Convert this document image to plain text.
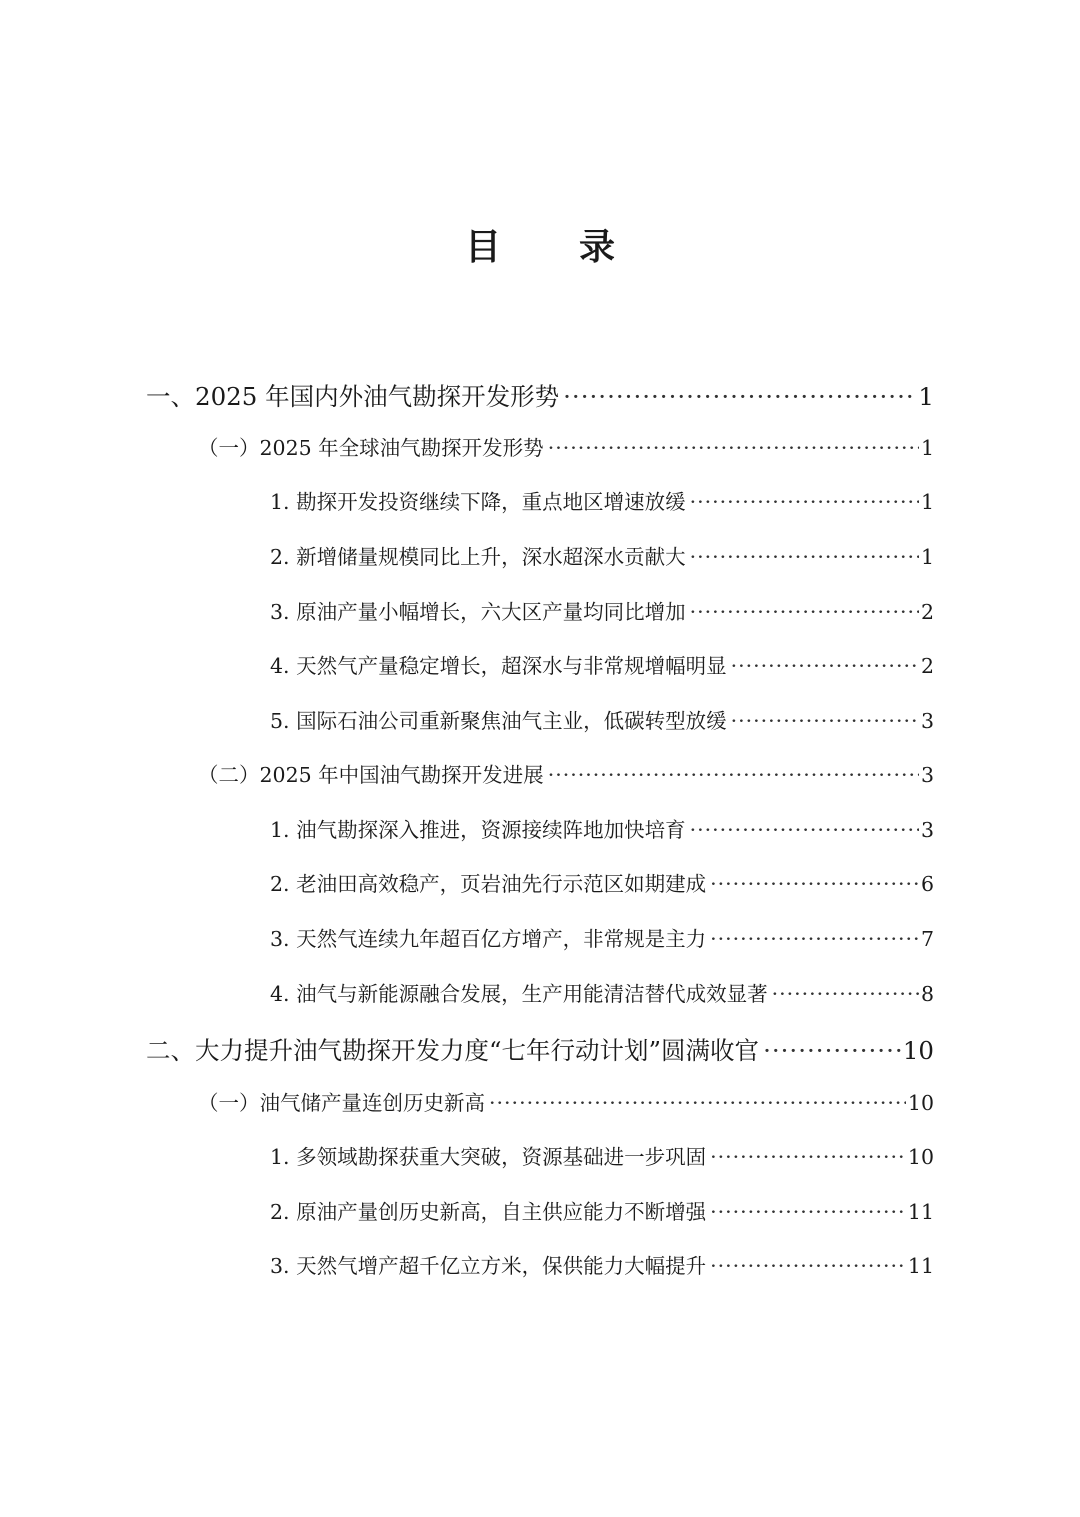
目 录
一、2025 年国内外油气勘探开发形势 ·····	1
（一）2025 年全球油气勘探开发形势 ·····	1
1. 勘探开发投资继续下降，重点地区增速放缓 ·····	1
2. 新增储量规模同比上升，深水超深水贡献大 ·····	1
3. 原油产量小幅增长，六大区产量均同比增加 ·····	2
4. 天然气产量稳定增长，超深水与非常规增幅明显 ·····	2
5. 国际石油公司重新聚焦油气主业，低碳转型放缓 ·····	3
（二）2025 年中国油气勘探开发进展 ·····	3
1. 油气勘探深入推进，资源接续阵地加快培育 ·····	3
2. 老油田高效稳产，页岩油先行示范区如期建成 ·····	6
3. 天然气连续九年超百亿方增产，非常规是主力 ·····	7
4. 油气与新能源融合发展，生产用能清洁替代成效显著 ·····	8
二、大力提升油气勘探开发力度“七年行动计划”圆满收官 ·····	10
（一）油气储产量连创历史新高 ·····	10
1. 多领域勘探获重大突破，资源基础进一步巩固 ·····	10
2. 原油产量创历史新高，自主供应能力不断增强 ·····	11
3. 天然气增产超千亿立方米，保供能力大幅提升 ·····	11
